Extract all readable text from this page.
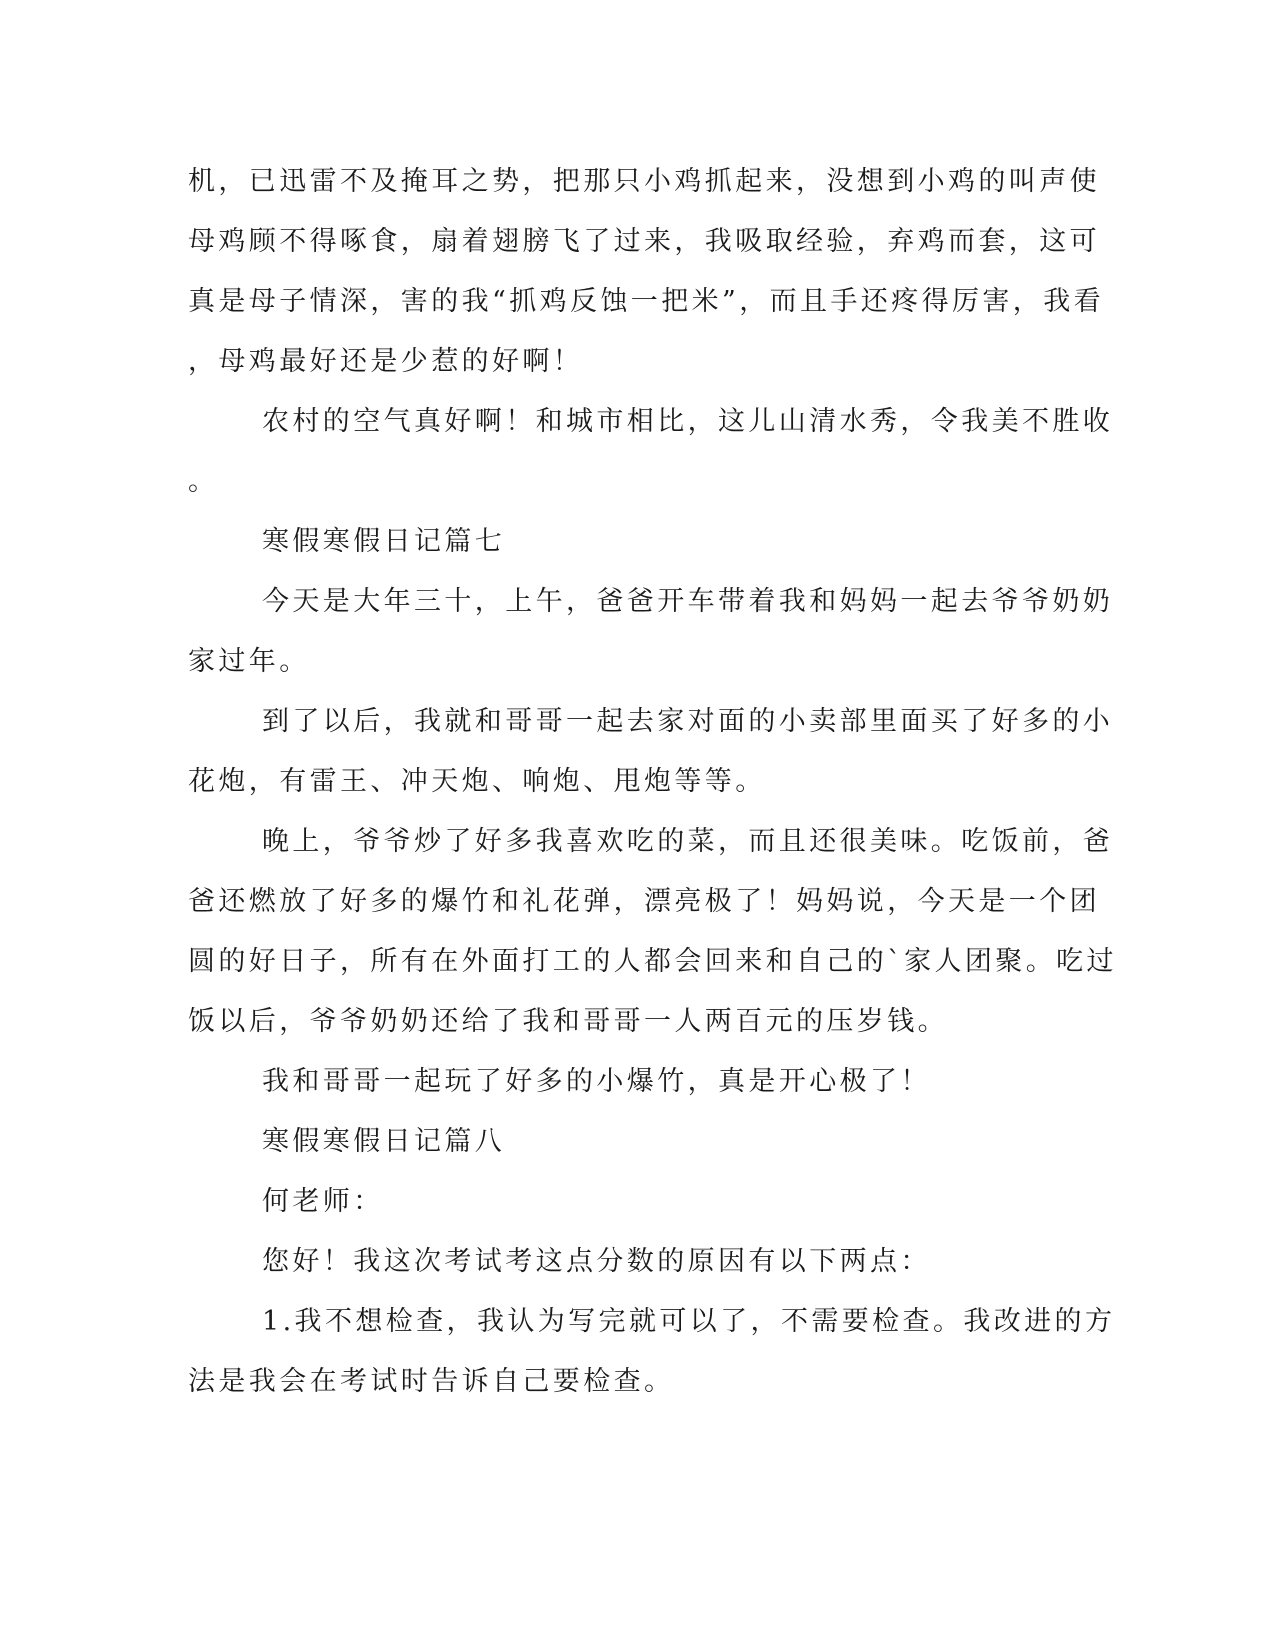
机，已迅雷不及掩耳之势，把那只小鸡抓起来，没想到小鸡的叫声使
母鸡顾不得啄食，扇着翅膀飞了过来，我吸取经验，弃鸡而套，这可
真是母子情深，害的我“抓鸡反蚀一把米”，而且手还疼得厉害，我看
，母鸡最好还是少惹的好啊！
农村的空气真好啊！和城市相比，这儿山清水秀，令我美不胜收
。
寒假寒假日记篇七
今天是大年三十，上午，爸爸开车带着我和妈妈一起去爷爷奶奶
家过年。
到了以后，我就和哥哥一起去家对面的小卖部里面买了好多的小
花炮，有雷王、冲天炮、响炮、甩炮等等。
晚上，爷爷炒了好多我喜欢吃的菜，而且还很美味。吃饭前，爸
爸还燃放了好多的爆竹和礼花弹，漂亮极了！妈妈说，今天是一个团
圆的好日子，所有在外面打工的人都会回来和自己的`家人团聚。吃过
饭以后，爷爷奶奶还给了我和哥哥一人两百元的压岁钱。
我和哥哥一起玩了好多的小爆竹，真是开心极了！
寒假寒假日记篇八
何老师：
您好！我这次考试考这点分数的原因有以下两点：
1.我不想检查，我认为写完就可以了，不需要检查。我改进的方
法是我会在考试时告诉自己要检查。
